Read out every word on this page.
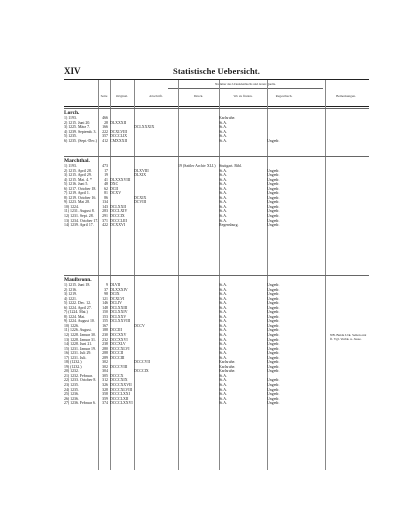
XIV	Statistische Uebersicht.
Nummer des Urkundenbuchs und deren Quelle.
Seite	Original.	Abschrift.	Druck.	Wo zu finden.	Regestbuch.	Bemerkungen.
Lorch.
1) 1193.	466	Karlsruhe.
2) 1215. Juni 20.	28 DLXXXII	St.A.
3) 1225. März 7.	166	DCLXXXIX	St.A.
4) 1239. Septemb. 3.	222 DCXLVIII	St.A.
5) 1235.	357 DCCCLIX	St.A.
6) 1235. (Sept.-Dec.)	412 CMXXXII	St.A.	Ungedr.
Marchthal.
1) 1193.	473	19 (Sattler Archiv XLI.) Stuttgart. Bibl.
2) 1215. April 28.	17	DLXVIII	St.A.	Ungedr.
3) 1215. April 29.	19	DLXIX	St.A.	Ungedr.
4) 1215. Mai. 4. *	41 DLXXXVIII	St.A.	Ungedr.
5) 1216. Juni 5.	48 DXC	St.A.	Ungedr.
6) 1217. October 18.	62 DCII	St.A.	Ungedr.
7) 1219. April 1.	81 DCXV	St.A.	Ungedr.
8) 1219. October 16.	86	DCXIX	St.A.	Ungedr.
9) 1223. Mai 28.	134	DCVIII	St.A.	Ungedr.
10) 1224.	143 DCLXXII	St.A.	Ungedr.
11) 1231. August 8.	283 DCCLXIV	St.A.	Ungedr.
12) 1231. Sept. 28.	291 DCCCIX	St.A.	Ungedr.
13) 1234. October 17. 371 DCCCLIII	St.A.	Ungedr.
14) 1239. April 17.	422 DCXXVI	Regensburg.	Ungedr.
Maulbronn.
1) 1215. Juni 18.	9 DLVII	St.A.	Ungedr.
2) 1216.	37 DLXXXIV	St.A.	Ungedr.
3) 1219.	98 DCIX	St.A.	Ungedr.
4) 1221.	121 DCXLVI	St.A.	Ungedr.
5) 1222. Dec. 12.	146 DCLIV	St.A.	Ungedr.
6) 1224. April 27.	148 DCLXXIII	St.A.	Ungedr.
7) (1224. Mai.)	150 DCLXXIV	St.A.	Ungedr.
8) 1224. Mai.	153 DCLXXV	St.A.	Ungedr.
9) 1224. August 10.	155 DCLXXVIII	St.A.	Ungedr.
10) 1226.	167	DCCV	St.A.	Ungedr.
11) 1226. August.	188 DCCIII	St.A.	Ungedr.
12) 1228. Januar 30.	230 DCCXXV	St.A.	Ungedr.	NB. Beide Urk. Selten erst fl. Vgl. Verbk. u. Jasse.
13) 1228. Januar 31.	232 DCCXXVI	St.A.	Ungedr.
14) 1228. Juni 21.	238 DCCXLV	St.A.	Ungedr.
15) 1231. Januar 19.	280 DCCCXLVI	St.A.	Ungedr.
16) 1231. Juli 29.	288 DCCCII	St.A.	Ungedr.
17) 1231. Juli.	289 DCCCIII	St.A.	Ungedr.
18) (1232.)	302	DCCCVII	Karlsruhe.	Ungedr.
19) (1232.)	302 DCCCVIII	Karlsruhe.	Ungedr.
20) 1232.	304	DCCCIX	Karlsruhe.	Ungedr.
21) 1232. Februar.	305 DCCCX	St.A.
22) 1233. October 8.	312 DCCCXIX	St.A.	Ungedr.
23) 1235.	326 DCCCXXVII	St.A.	Ungedr.
24) 1235.	328 DCCCXLVIII	St.A.	Ungedr.
25) 1236.	358 DCCCLXXI	St.A.	Ungedr.
26) 1236.	359 DCCCLXII	St.A.	Ungedr.
27) 1236. Februar 6.	374 DCCCLXXVI	St.A.	Ungedr.
